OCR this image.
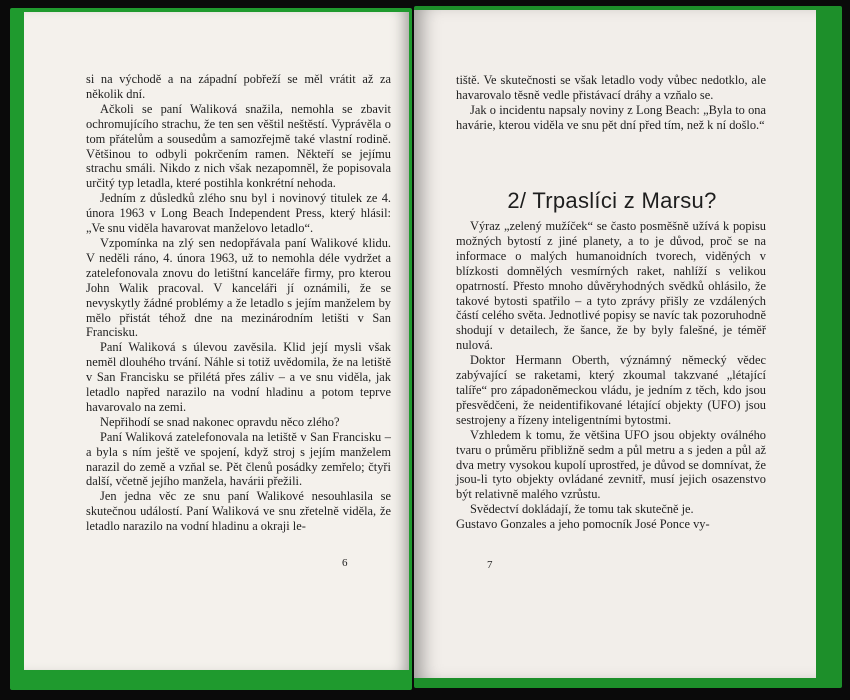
si na východě a na západní pobřeží se měl vrátit až za několik dní.

Ačkoli se paní Waliková snažila, nemohla se zbavit ochromujícího strachu, že ten sen věštil neštěstí. Vyprávěla o tom přátelům a sousedům a samozřejmě také vlastní rodině. Většinou to odbyli pokrčením ramen. Někteří se jejímu strachu smáli. Nikdo z nich však nezapomněl, že popisovala určitý typ letadla, které postihla konkrétní nehoda.

Jedním z důsledků zlého snu byl i novinový titulek ze 4. února 1963 v Long Beach Independent Press, který hlásil: „Ve snu viděla havarovat manželovo letadlo“.

Vzpomínka na zlý sen nedopřávala paní Walikové klidu. V neděli ráno, 4. února 1963, už to nemohla déle vydržet a zatelefonovala znovu do letištní kanceláře firmy, pro kterou John Walik pracoval. V kanceláři jí oznámili, že se nevyskytly žádné problémy a že letadlo s jejím manželem by mělo přistát téhož dne na mezinárodním letišti v San Francisku.

Paní Waliková s úlevou zavěsila. Klid její mysli však neměl dlouhého trvání. Náhle si totiž uvědomila, že na letiště v San Francisku se přilétá přes záliv – a ve snu viděla, jak letadlo napřed narazilo na vodní hladinu a potom teprve havarovalo na zemi.

Nepřihodí se snad nakonec opravdu něco zlého?

Paní Waliková zatelefonovala na letiště v San Francisku – a byla s ním ještě ve spojení, když stroj s jejím manželem narazil do země a vzňal se. Pět členů posádky zemřelo; čtyři další, včetně jejího manžela, havárii přežili.

Jen jedna věc ze snu paní Walikové nesouhlasila se skutečnou událostí. Paní Waliková ve snu zřetelně viděla, že letadlo narazilo na vodní hladinu a okraji le-

6

tiště. Ve skutečnosti se však letadlo vody vůbec nedotklo, ale havarovalo těsně vedle přistávací dráhy a vzňalo se.

Jak o incidentu napsaly noviny z Long Beach: „Byla to ona havárie, kterou viděla ve snu pět dní před tím, než k ní došlo.“

2/ Trpaslíci z Marsu?

Výraz „zelený mužíček“ se často posměšně užívá k popisu možných bytostí z jiné planety, a to je důvod, proč se na informace o malých humanoidních tvorech, viděných v blízkosti domnělých vesmírných raket, nahlíží s velikou opatrností. Přesto mnoho důvěryhodných svědků ohlásilo, že takové bytosti spatřilo – a tyto zprávy přišly ze vzdálených částí celého světa. Jednotlivé popisy se navíc tak pozoruhodně shodují v detailech, že šance, že by byly falešné, je téměř nulová.

Doktor Hermann Oberth, význámný německý vědec zabývající se raketami, který zkoumal takzvané „létající talíře“ pro západoněmeckou vládu, je jedním z těch, kdo jsou přesvědčeni, že neidentifikované létající objekty (UFO) jsou sestrojeny a řízeny inteligentními bytostmi.

Vzhledem k tomu, že většina UFO jsou objekty oválného tvaru o průměru přibližně sedm a půl metru a s jeden a půl až dva metry vysokou kupolí uprostřed, je důvod se domnívat, že jsou-li tyto objekty ovládané zevnitř, musí jejich osazenstvo být relativně malého vzrůstu.

Svědectví dokládají, že tomu tak skutečně je.

Gustavo Gonzales a jeho pomocník José Ponce vy-

7
